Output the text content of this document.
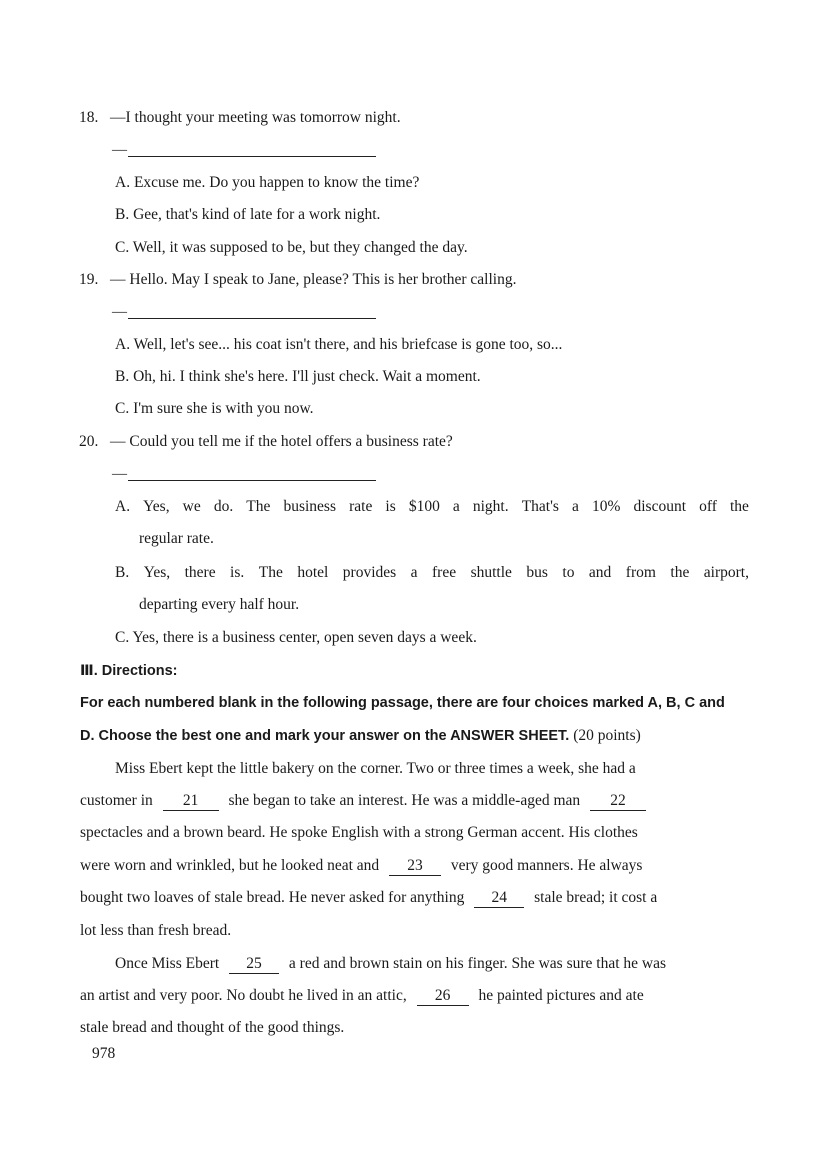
18. —I thought your meeting was tomorrow night.
—
A. Excuse me. Do you happen to know the time?
B. Gee, that's kind of late for a work night.
C. Well, it was supposed to be, but they changed the day.
19. — Hello. May I speak to Jane, please? This is her brother calling.
—
A. Well, let's see... his coat isn't there, and his briefcase is gone too, so...
B. Oh, hi. I think she's here. I'll just check. Wait a moment.
C. I'm sure she is with you now.
20. — Could you tell me if the hotel offers a business rate?
—
A. Yes, we do. The business rate is $100 a night. That's a 10% discount off the
regular rate.
B. Yes, there is. The hotel provides a free shuttle bus to and from the airport,
departing every half hour.
C. Yes, there is a business center, open seven days a week.
Ⅲ. Directions:
For each numbered blank in the following passage, there are four choices marked A, B, C and
D. Choose the best one and mark your answer on the ANSWER SHEET. (20 points)
Miss Ebert kept the little bakery on the corner. Two or three times a week, she had a
customer in 21 she began to take an interest. He was a middle-aged man 22
spectacles and a brown beard. He spoke English with a strong German accent. His clothes
were worn and wrinkled, but he looked neat and 23 very good manners. He always
bought two loaves of stale bread. He never asked for anything 24 stale bread; it cost a
lot less than fresh bread.
Once Miss Ebert 25 a red and brown stain on his finger. She was sure that he was
an artist and very poor. No doubt he lived in an attic, 26 he painted pictures and ate
stale bread and thought of the good things.
978
